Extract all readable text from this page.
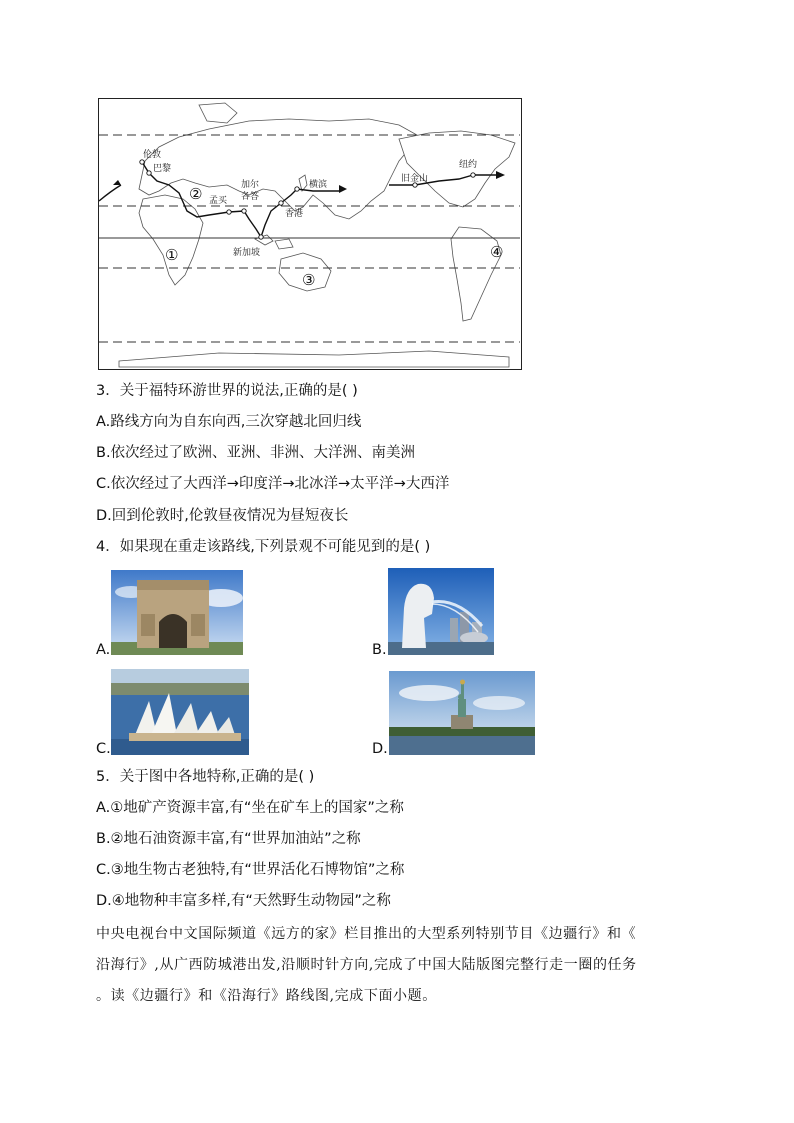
伦敦
巴黎
孟买
加尔
各答
横滨
香港
新加坡
旧金山
纽约
②
①
③
④
3．关于福特环游世界的说法,正确的是( )
A.路线方向为自东向西,三次穿越北回归线
B.依次经过了欧洲、亚洲、非洲、大洋洲、南美洲
C.依次经过了大西洋→印度洋→北冰洋→太平洋→大西洋
D.回到伦敦时,伦敦昼夜情况为昼短夜长
4．如果现在重走该路线,下列景观不可能见到的是( )
A.	B.
C.	D.
5．关于图中各地特称,正确的是( )
A.①地矿产资源丰富,有“坐在矿车上的国家”之称
B.②地石油资源丰富,有“世界加油站”之称
C.③地生物古老独特,有“世界活化石博物馆”之称
D.④地物种丰富多样,有“天然野生动物园”之称
中央电视台中文国际频道《远方的家》栏目推出的大型系列特别节目《边疆行》和《
沿海行》,从广西防城港出发,沿顺时针方向,完成了中国大陆版图完整行走一圈的任务
。读《边疆行》和《沿海行》路线图,完成下面小题。
